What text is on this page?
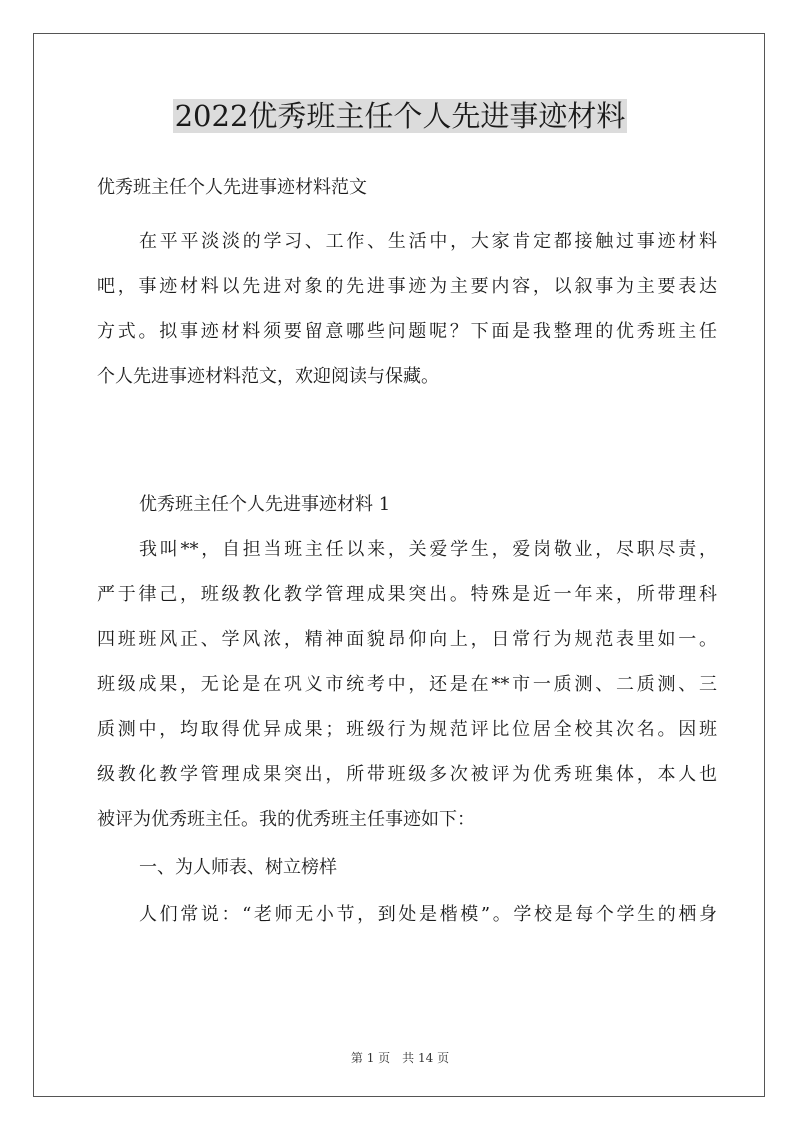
2022优秀班主任个人先进事迹材料

优秀班主任个人先进事迹材料范文

在平平淡淡的学习、工作、生活中，大家肯定都接触过事迹材料

吧，事迹材料以先进对象的先进事迹为主要内容，以叙事为主要表达

方式。拟事迹材料须要留意哪些问题呢？下面是我整理的优秀班主任

个人先进事迹材料范文，欢迎阅读与保藏。

优秀班主任个人先进事迹材料 1

我叫**，自担当班主任以来，关爱学生，爱岗敬业，尽职尽责，

严于律己，班级教化教学管理成果突出。特殊是近一年来，所带理科

四班班风正、学风浓，精神面貌昂仰向上，日常行为规范表里如一。

班级成果，无论是在巩义市统考中，还是在**市一质测、二质测、三

质测中，均取得优异成果；班级行为规范评比位居全校其次名。因班

级教化教学管理成果突出，所带班级多次被评为优秀班集体，本人也

被评为优秀班主任。我的优秀班主任事迹如下：

一、为人师表、树立榜样

人们常说：“老师无小节，到处是楷模”。学校是每个学生的栖身

第 1 页 共 14 页
